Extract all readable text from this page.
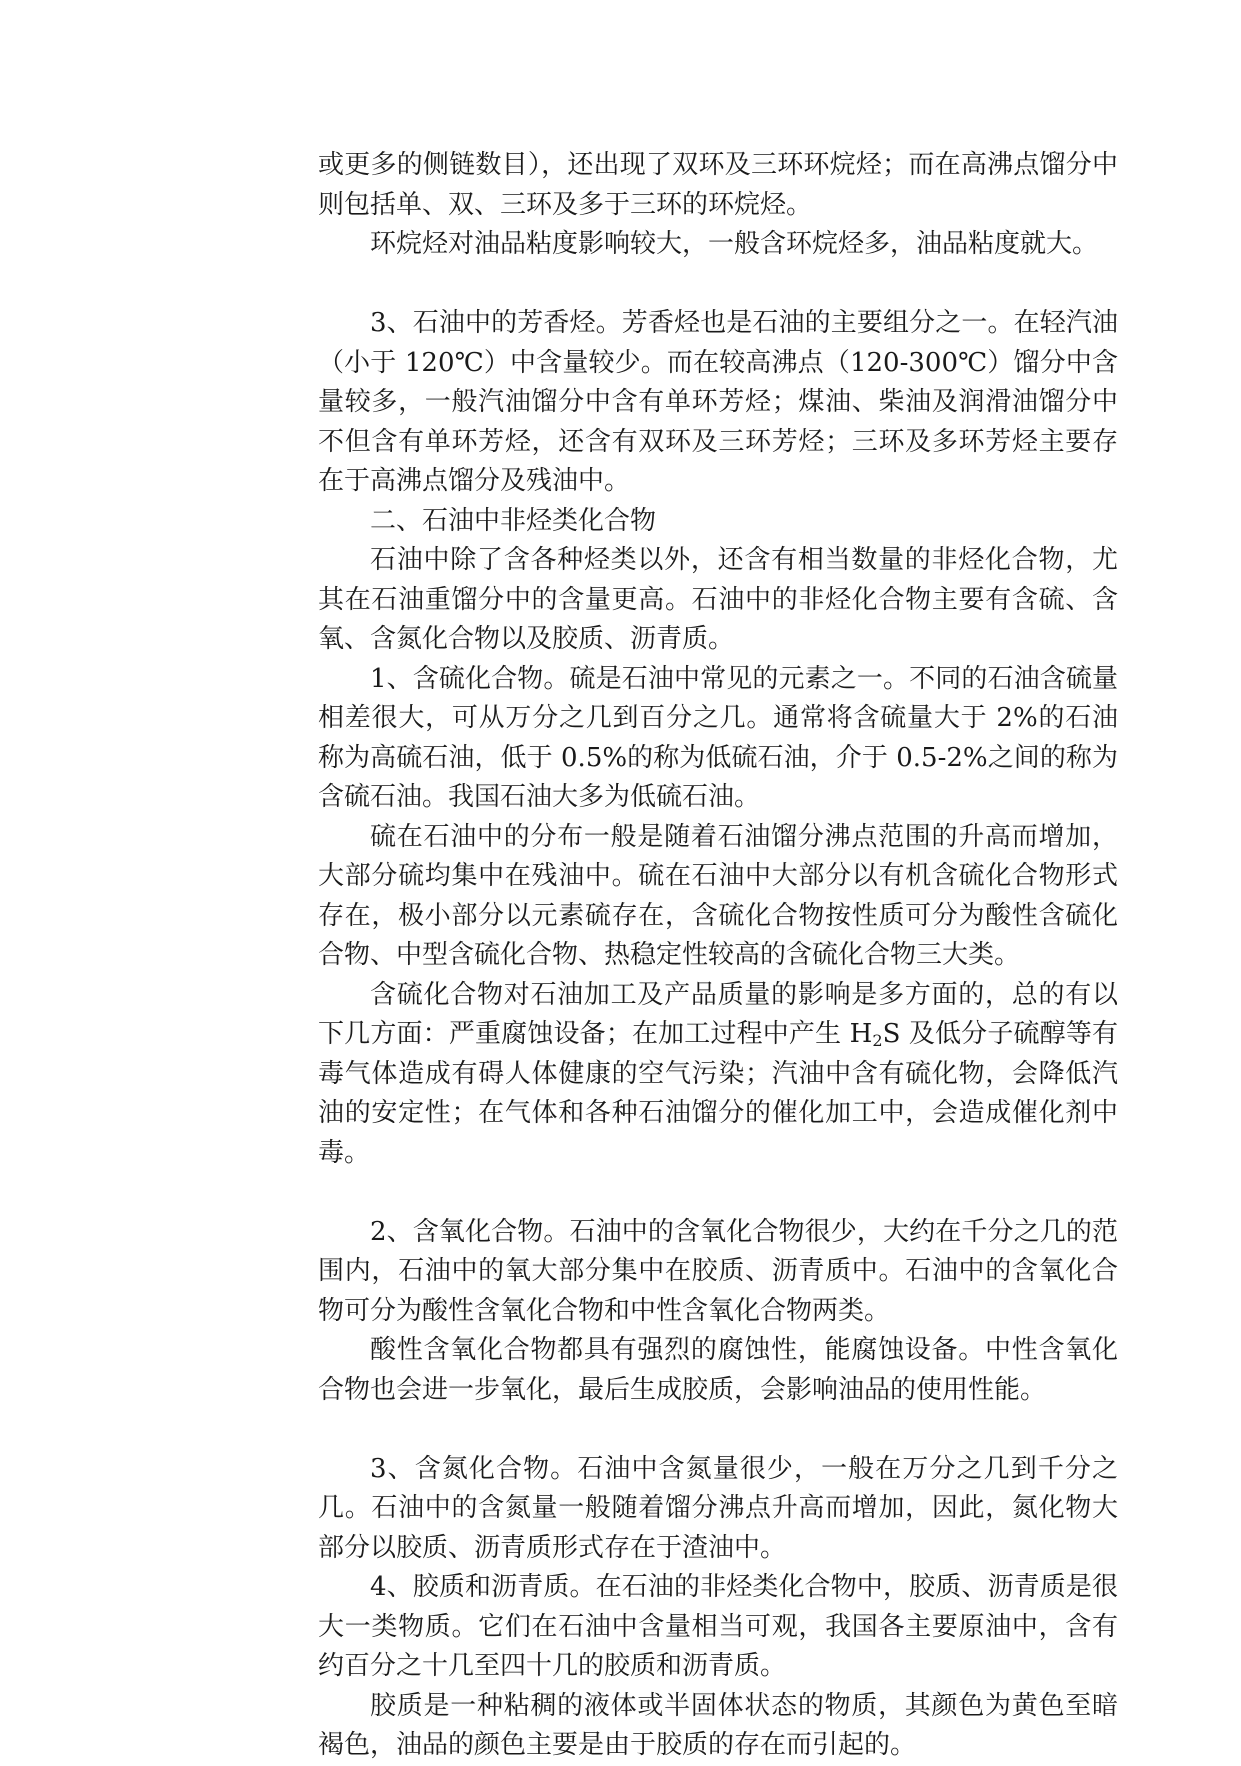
或更多的侧链数目），还出现了双环及三环环烷烃；而在高沸点馏分中则包括单、双、三环及多于三环的环烷烃。

环烷烃对油品粘度影响较大，一般含环烷烃多，油品粘度就大。

3、石油中的芳香烃。芳香烃也是石油的主要组分之一。在轻汽油（小于 120℃）中含量较少。而在较高沸点（120-300℃）馏分中含量较多，一般汽油馏分中含有单环芳烃；煤油、柴油及润滑油馏分中不但含有单环芳烃，还含有双环及三环芳烃；三环及多环芳烃主要存在于高沸点馏分及残油中。

二、石油中非烃类化合物

石油中除了含各种烃类以外，还含有相当数量的非烃化合物，尤其在石油重馏分中的含量更高。石油中的非烃化合物主要有含硫、含氧、含氮化合物以及胶质、沥青质。

1、含硫化合物。硫是石油中常见的元素之一。不同的石油含硫量相差很大，可从万分之几到百分之几。通常将含硫量大于 2%的石油称为高硫石油，低于 0.5%的称为低硫石油，介于 0.5-2%之间的称为含硫石油。我国石油大多为低硫石油。

硫在石油中的分布一般是随着石油馏分沸点范围的升高而增加，大部分硫均集中在残油中。硫在石油中大部分以有机含硫化合物形式存在，极小部分以元素硫存在，含硫化合物按性质可分为酸性含硫化合物、中型含硫化合物、热稳定性较高的含硫化合物三大类。

含硫化合物对石油加工及产品质量的影响是多方面的，总的有以下几方面：严重腐蚀设备；在加工过程中产生 $H_2S$ 及低分子硫醇等有毒气体造成有碍人体健康的空气污染；汽油中含有硫化物，会降低汽油的安定性；在气体和各种石油馏分的催化加工中，会造成催化剂中毒。

2、含氧化合物。石油中的含氧化合物很少，大约在千分之几的范围内，石油中的氧大部分集中在胶质、沥青质中。石油中的含氧化合物可分为酸性含氧化合物和中性含氧化合物两类。

酸性含氧化合物都具有强烈的腐蚀性，能腐蚀设备。中性含氧化合物也会进一步氧化，最后生成胶质，会影响油品的使用性能。

3、含氮化合物。石油中含氮量很少，一般在万分之几到千分之几。石油中的含氮量一般随着馏分沸点升高而增加，因此，氮化物大部分以胶质、沥青质形式存在于渣油中。

4、胶质和沥青质。在石油的非烃类化合物中，胶质、沥青质是很大一类物质。它们在石油中含量相当可观，我国各主要原油中，含有约百分之十几至四十几的胶质和沥青质。

胶质是一种粘稠的液体或半固体状态的物质，其颜色为黄色至暗褐色，油品的颜色主要是由于胶质的存在而引起的。
